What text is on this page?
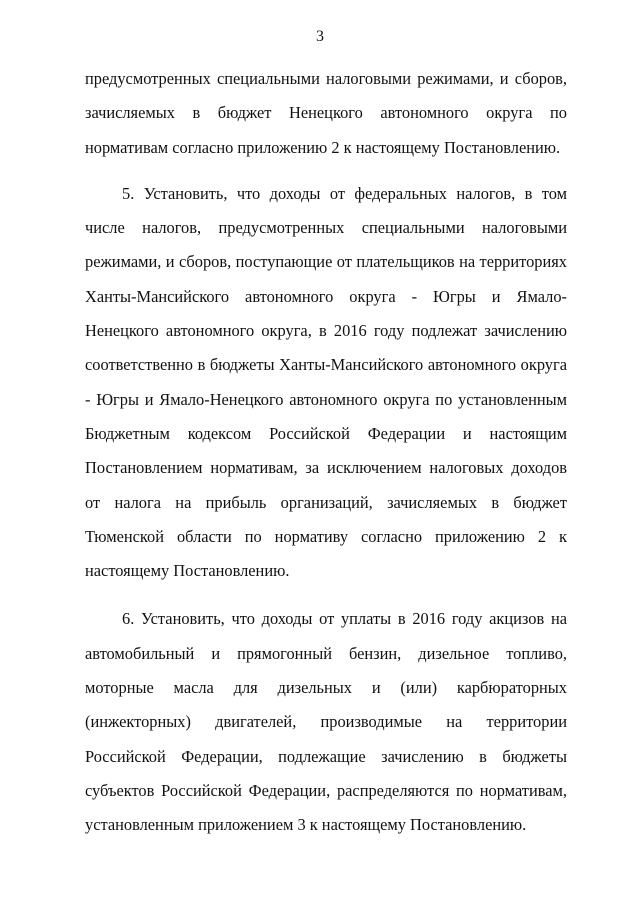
3

предусмотренных специальными налоговыми режимами, и сборов, зачисляемых в бюджет Ненецкого автономного округа по нормативам согласно приложению 2 к настоящему Постановлению.

5. Установить, что доходы от федеральных налогов, в том числе налогов, предусмотренных специальными налоговыми режимами, и сборов, поступающие от плательщиков на территориях Ханты-Мансийского автономного округа - Югры и Ямало-Ненецкого автономного округа, в 2016 году подлежат зачислению соответственно в бюджеты Ханты-Мансийского автономного округа - Югры и Ямало-Ненецкого автономного округа по установленным Бюджетным кодексом Российской Федерации и настоящим Постановлением нормативам, за исключением налоговых доходов от налога на прибыль организаций, зачисляемых в бюджет Тюменской области по нормативу согласно приложению 2 к настоящему Постановлению.

6. Установить, что доходы от уплаты в 2016 году акцизов на автомобильный и прямогонный бензин, дизельное топливо, моторные масла для дизельных и (или) карбюраторных (инжекторных) двигателей, производимые на территории Российской Федерации, подлежащие зачислению в бюджеты субъектов Российской Федерации, распределяются по нормативам, установленным приложением 3 к настоящему Постановлению.
